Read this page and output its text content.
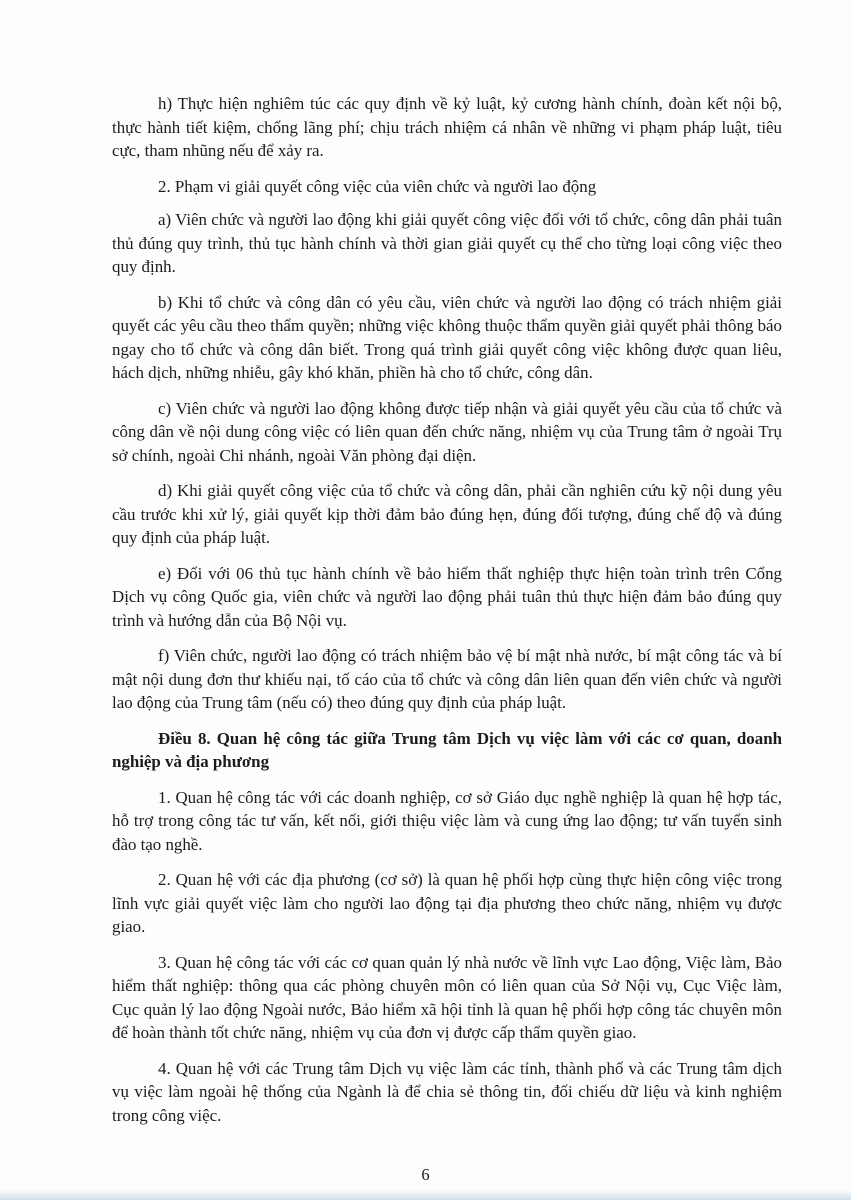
h) Thực hiện nghiêm túc các quy định về kỷ luật, kỷ cương hành chính, đoàn kết nội bộ, thực hành tiết kiệm, chống lãng phí; chịu trách nhiệm cá nhân về những vi phạm pháp luật, tiêu cực, tham nhũng nếu để xảy ra.

2. Phạm vi giải quyết công việc của viên chức và người lao động

a) Viên chức và người lao động khi giải quyết công việc đối với tổ chức, công dân phải tuân thủ đúng quy trình, thủ tục hành chính và thời gian giải quyết cụ thể cho từng loại công việc theo quy định.

b) Khi tổ chức và công dân có yêu cầu, viên chức và người lao động có trách nhiệm giải quyết các yêu cầu theo thẩm quyền; những việc không thuộc thẩm quyền giải quyết phải thông báo ngay cho tổ chức và công dân biết. Trong quá trình giải quyết công việc không được quan liêu, hách dịch, những nhiễu, gây khó khăn, phiền hà cho tổ chức, công dân.

c) Viên chức và người lao động không được tiếp nhận và giải quyết yêu cầu của tổ chức và công dân về nội dung công việc có liên quan đến chức năng, nhiệm vụ của Trung tâm ở ngoài Trụ sở chính, ngoài Chi nhánh, ngoài Văn phòng đại diện.

d) Khi giải quyết công việc của tổ chức và công dân, phải cần nghiên cứu kỹ nội dung yêu cầu trước khi xử lý, giải quyết kịp thời đảm bảo đúng hẹn, đúng đối tượng, đúng chế độ và đúng quy định của pháp luật.

e) Đối với 06 thủ tục hành chính về bảo hiểm thất nghiệp thực hiện toàn trình trên Cổng Dịch vụ công Quốc gia, viên chức và người lao động phải tuân thủ thực hiện đảm bảo đúng quy trình và hướng dẫn của Bộ Nội vụ.

f) Viên chức, người lao động có trách nhiệm bảo vệ bí mật nhà nước, bí mật công tác và bí mật nội dung đơn thư khiếu nại, tố cáo của tổ chức và công dân liên quan đến viên chức và người lao động của Trung tâm (nếu có) theo đúng quy định của pháp luật.

Điều 8. Quan hệ công tác giữa Trung tâm Dịch vụ việc làm với các cơ quan, doanh nghiệp và địa phương

1. Quan hệ công tác với các doanh nghiệp, cơ sở Giáo dục nghề nghiệp là quan hệ hợp tác, hỗ trợ trong công tác tư vấn, kết nối, giới thiệu việc làm và cung ứng lao động; tư vấn tuyển sinh đào tạo nghề.

2. Quan hệ với các địa phương (cơ sở) là quan hệ phối hợp cùng thực hiện công việc trong lĩnh vực giải quyết việc làm cho người lao động tại địa phương theo chức năng, nhiệm vụ được giao.

3. Quan hệ công tác với các cơ quan quản lý nhà nước về lĩnh vực Lao động, Việc làm, Bảo hiểm thất nghiệp: thông qua các phòng chuyên môn có liên quan của Sở Nội vụ, Cục Việc làm, Cục quản lý lao động Ngoài nước, Bảo hiểm xã hội tỉnh là quan hệ phối hợp công tác chuyên môn để hoàn thành tốt chức năng, nhiệm vụ của đơn vị được cấp thẩm quyền giao.

4. Quan hệ với các Trung tâm Dịch vụ việc làm các tỉnh, thành phố và các Trung tâm dịch vụ việc làm ngoài hệ thống của Ngành là để chia sẻ thông tin, đối chiếu dữ liệu và kinh nghiệm trong công việc.

6
